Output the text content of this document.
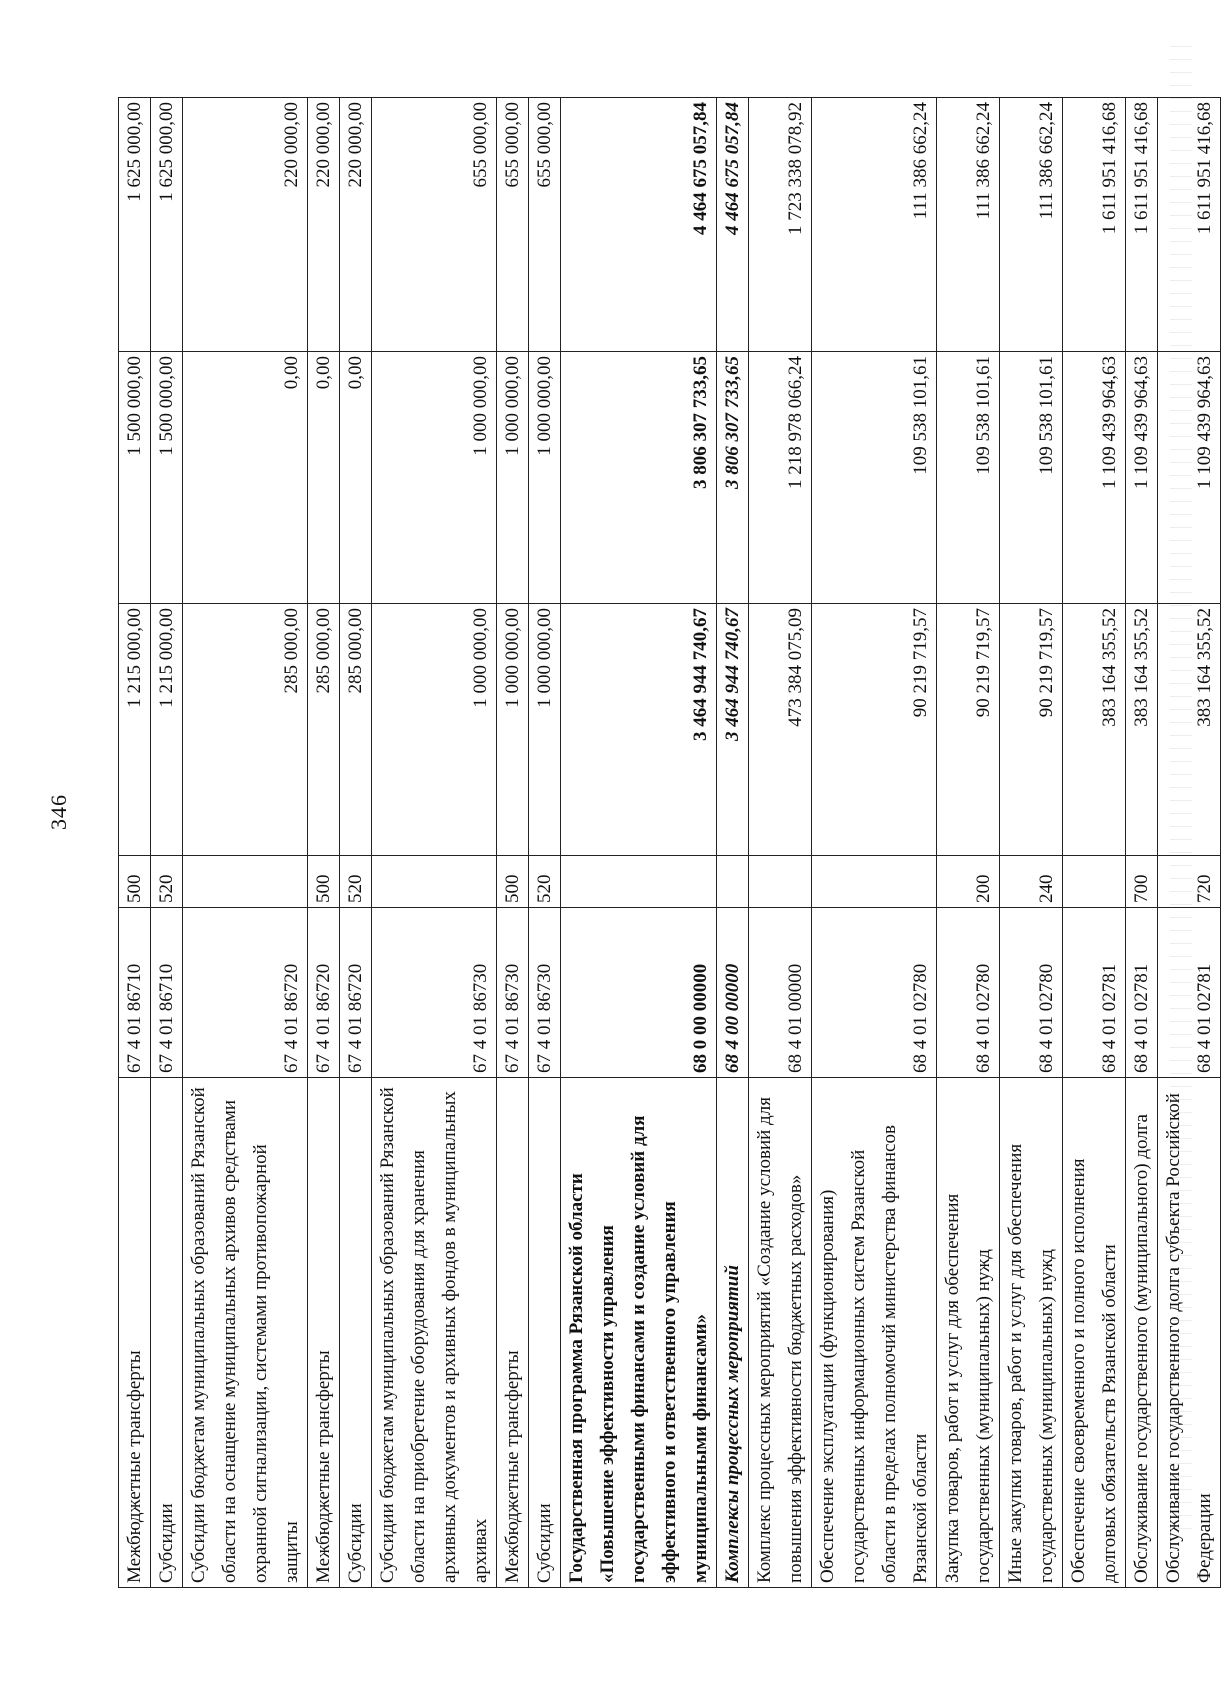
346
Межбюджетные трансферты	67 4 01 86710	500	1 215 000,00	1 500 000,00	1 625 000,00
Субсидии	67 4 01 86710	520	1 215 000,00	1 500 000,00	1 625 000,00
Субсидии бюджетам муниципальных образований Рязанской области на оснащение муниципальных архивов средствами охранной сигнализации, системами противопожарной защиты	67 4 01 86720		285 000,00	0,00	220 000,00
Межбюджетные трансферты	67 4 01 86720	500	285 000,00	0,00	220 000,00
Субсидии	67 4 01 86720	520	285 000,00	0,00	220 000,00
Субсидии бюджетам муниципальных образований Рязанской области на приобретение оборудования для хранения архивных документов и архивных фондов в муниципальных архивах	67 4 01 86730		1 000 000,00	1 000 000,00	655 000,00
Межбюджетные трансферты	67 4 01 86730	500	1 000 000,00	1 000 000,00	655 000,00
Субсидии	67 4 01 86730	520	1 000 000,00	1 000 000,00	655 000,00
Государственная программа Рязанской области «Повышение эффективности управления государственными финансами и создание условий для эффективного и ответственного управления муниципальными финансами»	68 0 00 00000		3 464 944 740,67	3 806 307 733,65	4 464 675 057,84
Комплексы процессных мероприятий	68 4 00 00000		3 464 944 740,67	3 806 307 733,65	4 464 675 057,84
Комплекс процессных мероприятий «Создание условий для повышения эффективности бюджетных расходов»	68 4 01 00000		473 384 075,09	1 218 978 066,24	1 723 338 078,92
Обеспечение эксплуатации (функционирования) государственных информационных систем Рязанской области в пределах полномочий министерства финансов Рязанской области	68 4 01 02780		90 219 719,57	109 538 101,61	111 386 662,24
Закупка товаров, работ и услуг для обеспечения государственных (муниципальных) нужд	68 4 01 02780	200	90 219 719,57	109 538 101,61	111 386 662,24
Иные закупки товаров, работ и услуг для обеспечения государственных (муниципальных) нужд	68 4 01 02780	240	90 219 719,57	109 538 101,61	111 386 662,24
Обеспечение своевременного и полного исполнения долговых обязательств Рязанской области	68 4 01 02781		383 164 355,52	1 109 439 964,63	1 611 951 416,68
Обслуживание государственного (муниципального) долга	68 4 01 02781	700	383 164 355,52	1 109 439 964,63	1 611 951 416,68
Обслуживание государственного долга субъекта Российской Федерации	68 4 01 02781	720	383 164 355,52	1 109 439 964,63	1 611 951 416,68
